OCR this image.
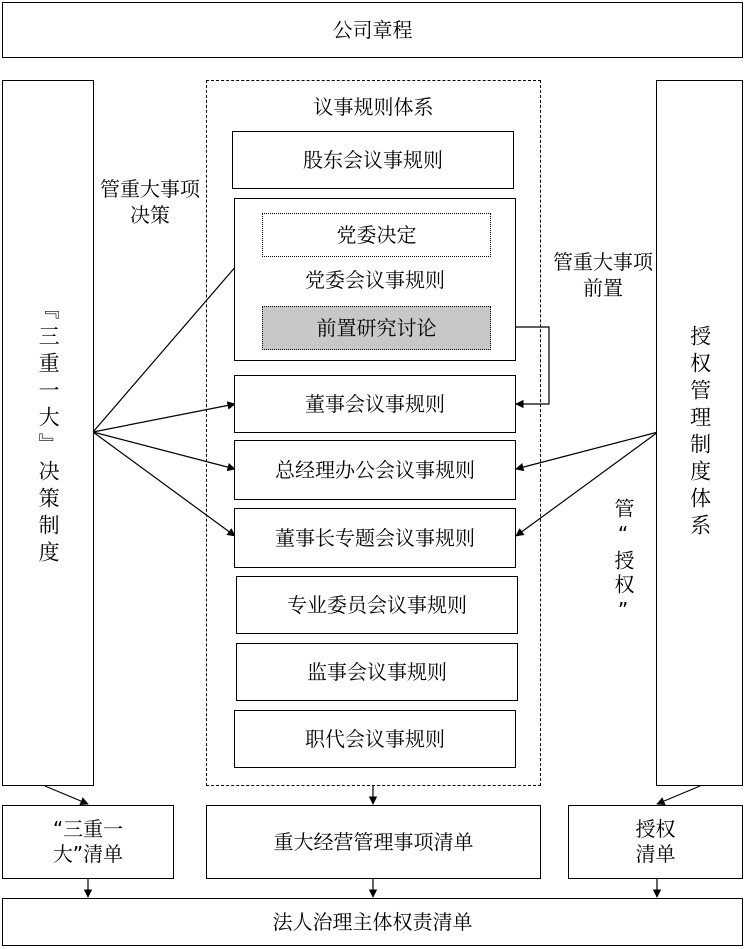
公司章程
『三重一大』决策制度	授权管理制度体系
议事规则体系
股东会议事规则
党委决定
党委会议事规则
前置研究讨论
董事会议事规则
总经理办公会议事规则
董事长专题会议事规则
专业委员会议事规则
监事会议事规则
职代会议事规则
管重大事项决策
管重大事项前置
管“授权”
“三重一大”清单
重大经营管理事项清单
授权清单
法人治理主体权责清单
